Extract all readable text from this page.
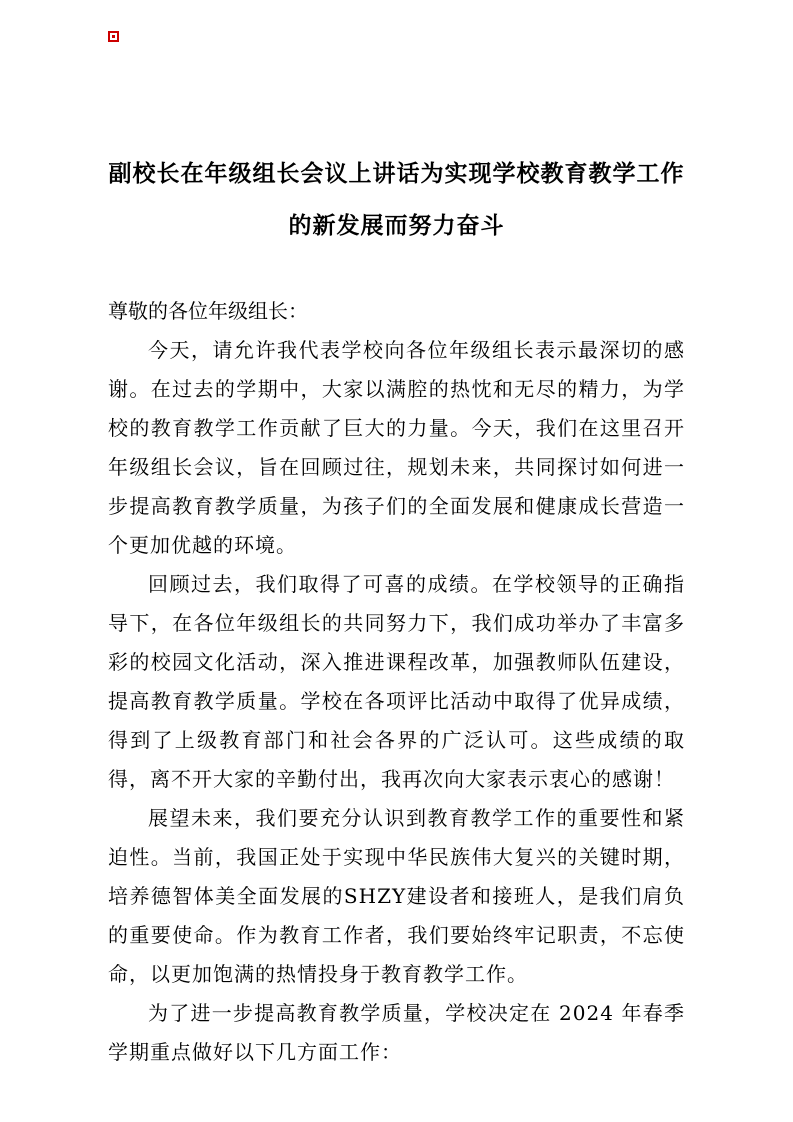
副校长在年级组长会议上讲话为实现学校教育教学工作
的新发展而努力奋斗

尊敬的各位年级组长：

今天，请允许我代表学校向各位年级组长表示最深切的感谢。在过去的学期中，大家以满腔的热忱和无尽的精力，为学校的教育教学工作贡献了巨大的力量。今天，我们在这里召开年级组长会议，旨在回顾过往，规划未来，共同探讨如何进一步提高教育教学质量，为孩子们的全面发展和健康成长营造一个更加优越的环境。

回顾过去，我们取得了可喜的成绩。在学校领导的正确指导下，在各位年级组长的共同努力下，我们成功举办了丰富多彩的校园文化活动，深入推进课程改革，加强教师队伍建设，提高教育教学质量。学校在各项评比活动中取得了优异成绩，得到了上级教育部门和社会各界的广泛认可。这些成绩的取得，离不开大家的辛勤付出，我再次向大家表示衷心的感谢！

展望未来，我们要充分认识到教育教学工作的重要性和紧迫性。当前，我国正处于实现中华民族伟大复兴的关键时期，培养德智体美全面发展的SHZY建设者和接班人，是我们肩负的重要使命。作为教育工作者，我们要始终牢记职责，不忘使命，以更加饱满的热情投身于教育教学工作。

为了进一步提高教育教学质量，学校决定在 2024 年春季学期重点做好以下几方面工作：
